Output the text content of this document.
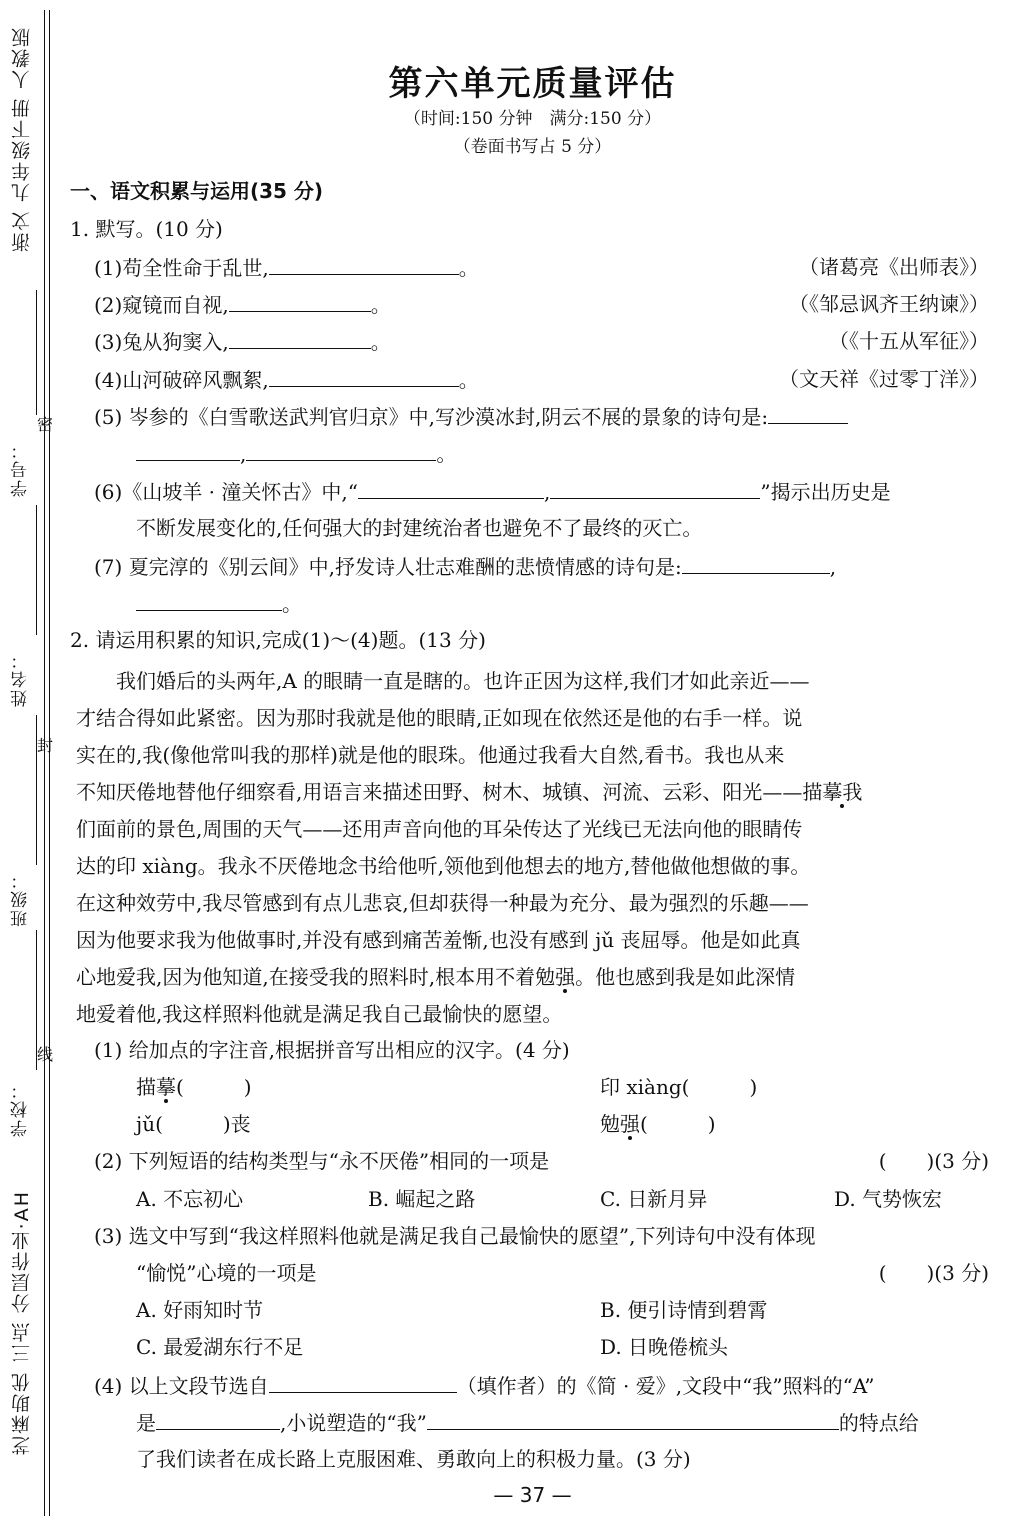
浙文 九年级下册 人教版
芝麻助优 三点 分层作业·AH
学号：
姓名：
班级：
学校：
密
封
线
第六单元质量评估
（时间:150 分钟　满分:150 分）
（卷面书写占 5 分）
一、语文积累与运用(35 分)
1. 默写。(10 分)
(1)苟全性命于乱世,	。	（诸葛亮《出师表》）
(2)窥镜而自视,	。	（《邹忌讽齐王纳谏》）
(3)兔从狗窦入,	。	（《十五从军征》）
(4)山河破碎风飘絮,	。	（文天祥《过零丁洋》）
(5) 岑参的《白雪歌送武判官归京》中,写沙漠冰封,阴云不展的景象的诗句是:
,	。
(6)《山坡羊 · 潼关怀古》中,“	,	”揭示出历史是
不断发展变化的,任何强大的封建统治者也避免不了最终的灭亡。
(7) 夏完淳的《别云间》中,抒发诗人壮志难酬的悲愤情感的诗句是:	,
。
2. 请运用积累的知识,完成(1)～(4)题。(13 分)
　　我们婚后的头两年,A 的眼睛一直是瞎的。也许正因为这样,我们才如此亲近——
才结合得如此紧密。因为那时我就是他的眼睛,正如现在依然还是他的右手一样。说
实在的,我(像他常叫我的那样)就是他的眼珠。他通过我看大自然,看书。我也从来
不知厌倦地替他仔细察看,用语言来描述田野、树木、城镇、河流、云彩、阳光——描摹我
们面前的景色,周围的天气——还用声音向他的耳朵传达了光线已无法向他的眼睛传
达的印 xiàng。我永不厌倦地念书给他听,领他到他想去的地方,替他做他想做的事。
在这种效劳中,我尽管感到有点儿悲哀,但却获得一种最为充分、最为强烈的乐趣——
因为他要求我为他做事时,并没有感到痛苦羞惭,也没有感到 jǔ 丧屈辱。他是如此真
心地爱我,因为他知道,在接受我的照料时,根本用不着勉强。他也感到我是如此深情
地爱着他,我这样照料他就是满足我自己最愉快的愿望。
(1) 给加点的字注音,根据拼音写出相应的汉字。(4 分)
描摹(　　　)	印 xiàng(　　　)
jǔ(　　　)丧	勉强(　　　)
(2) 下列短语的结构类型与“永不厌倦”相同的一项是	(　　)(3 分)
A. 不忘初心	B. 崛起之路	C. 日新月异	D. 气势恢宏
(3) 选文中写到“我这样照料他就是满足我自己最愉快的愿望”,下列诗句中没有体现
“愉悦”心境的一项是	(　　)(3 分)
A. 好雨知时节	B. 便引诗情到碧霄
C. 最爱湖东行不足	D. 日晚倦梳头
(4) 以上文段节选自	（填作者）的《简 · 爱》,文段中“我”照料的“A”
是	,小说塑造的“我”	的特点给
了我们读者在成长路上克服困难、勇敢向上的积极力量。(3 分)
— 37 —
